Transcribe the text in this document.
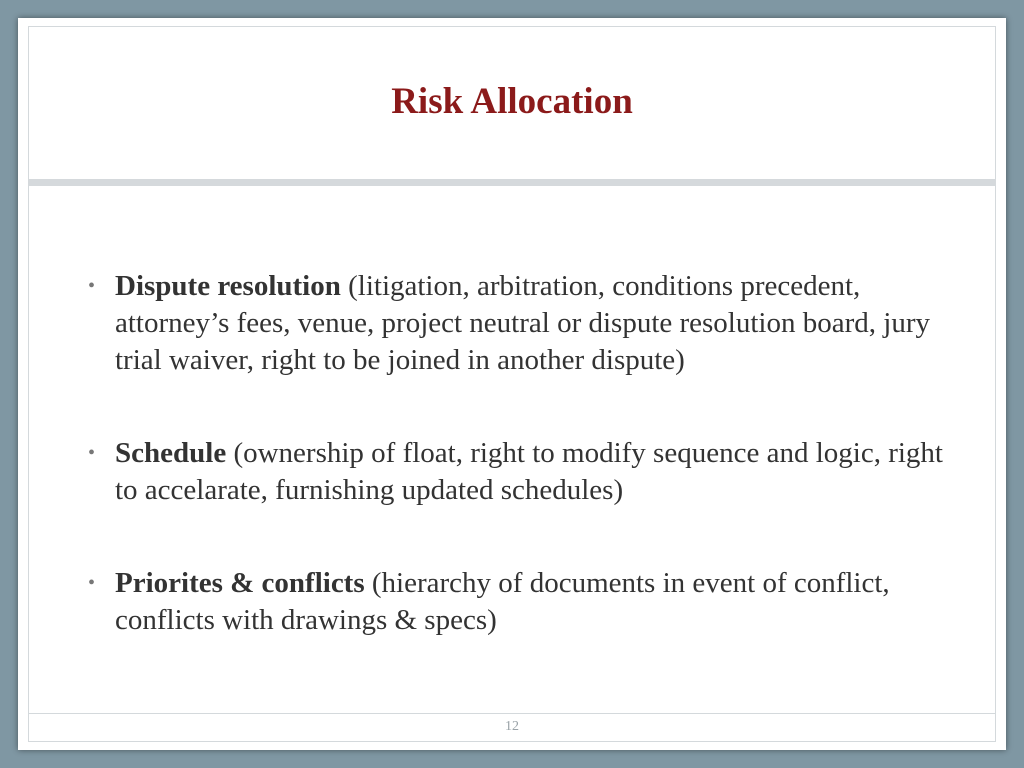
Risk Allocation
• Dispute resolution (litigation, arbitration, conditions precedent, attorney’s fees, venue, project neutral or dispute resolution board, jury trial waiver, right to be joined in another dispute)
• Schedule (ownership of float, right to modify sequence and logic, right to accelarate, furnishing updated schedules)
• Priorites & conflicts (hierarchy of documents in event of conflict, conflicts with drawings & specs)
12
